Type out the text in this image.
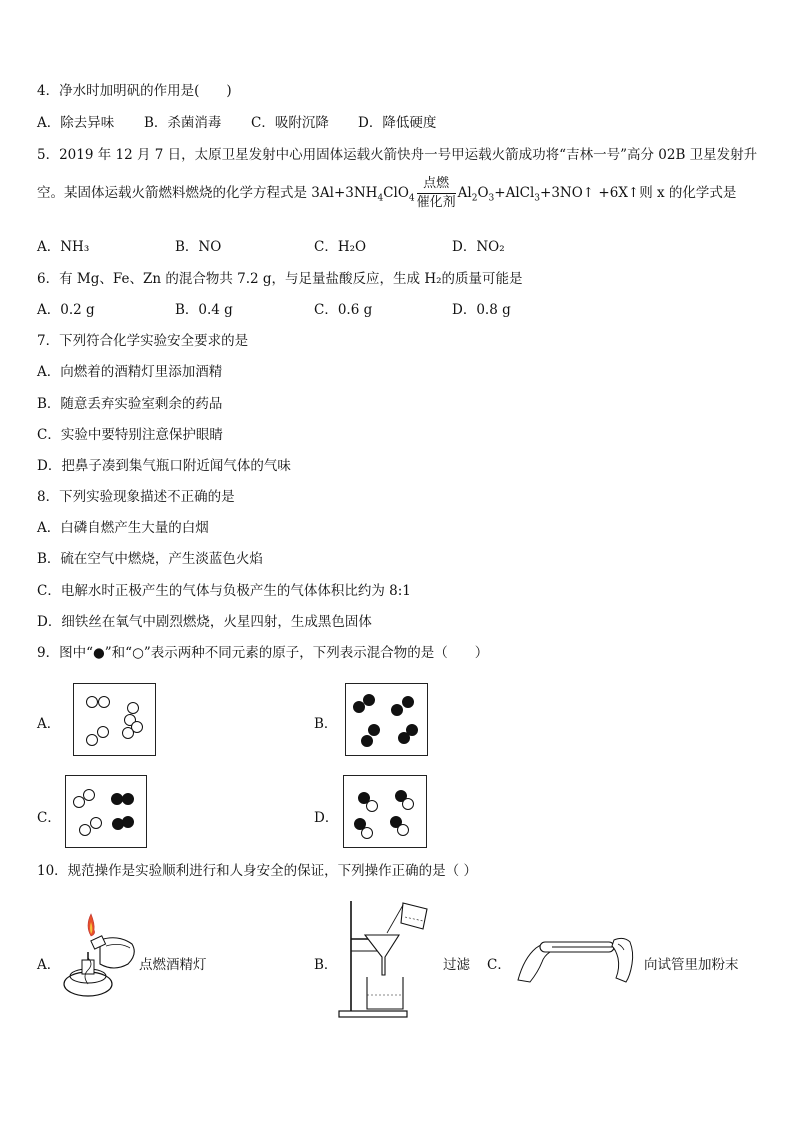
4．净水时加明矾的作用是(　　)
A．除去异味 B．杀菌消毒 C．吸附沉降 D．降低硬度
5．2019 年 12 月 7 日，太原卫星发射中心用固体运载火箭快舟一号甲运载火箭成功将“吉林一号”高分 02B 卫星发射升
空。某固体运载火箭燃料燃烧的化学方程式是 $3Al+3NH_4ClO_4 \frac{\text{点燃}}{\text{催化剂}}$ $Al_2O_3+AlCl_3+3NO↑$ +6X↑则 x 的化学式是
A．NH₃	B．NO	C．H₂O	D．NO₂
6．有 Mg、Fe、Zn 的混合物共 7.2 g，与足量盐酸反应，生成 H₂的质量可能是
A．0.2 g	B．0.4 g	C．0.6 g	D．0.8 g
7．下列符合化学实验安全要求的是
A．向燃着的酒精灯里添加酒精
B．随意丢弃实验室剩余的药品
C．实验中要特别注意保护眼睛
D．把鼻子凑到集气瓶口附近闻气体的气味
8．下列实验现象描述不正确的是
A．白磷自燃产生大量的白烟
B．硫在空气中燃烧，产生淡蓝色火焰
C．电解水时正极产生的气体与负极产生的气体体积比约为 8:1
D．细铁丝在氧气中剧烈燃烧，火星四射，生成黑色固体
9．图中“●”和“○”表示两种不同元素的原子，下列表示混合物的是（　　）
A．	B．
C．	D．
10．规范操作是实验顺利进行和人身安全的保证，下列操作正确的是（ ）
A．	点燃酒精灯	B．	过滤 C．	向试管里加粉末
